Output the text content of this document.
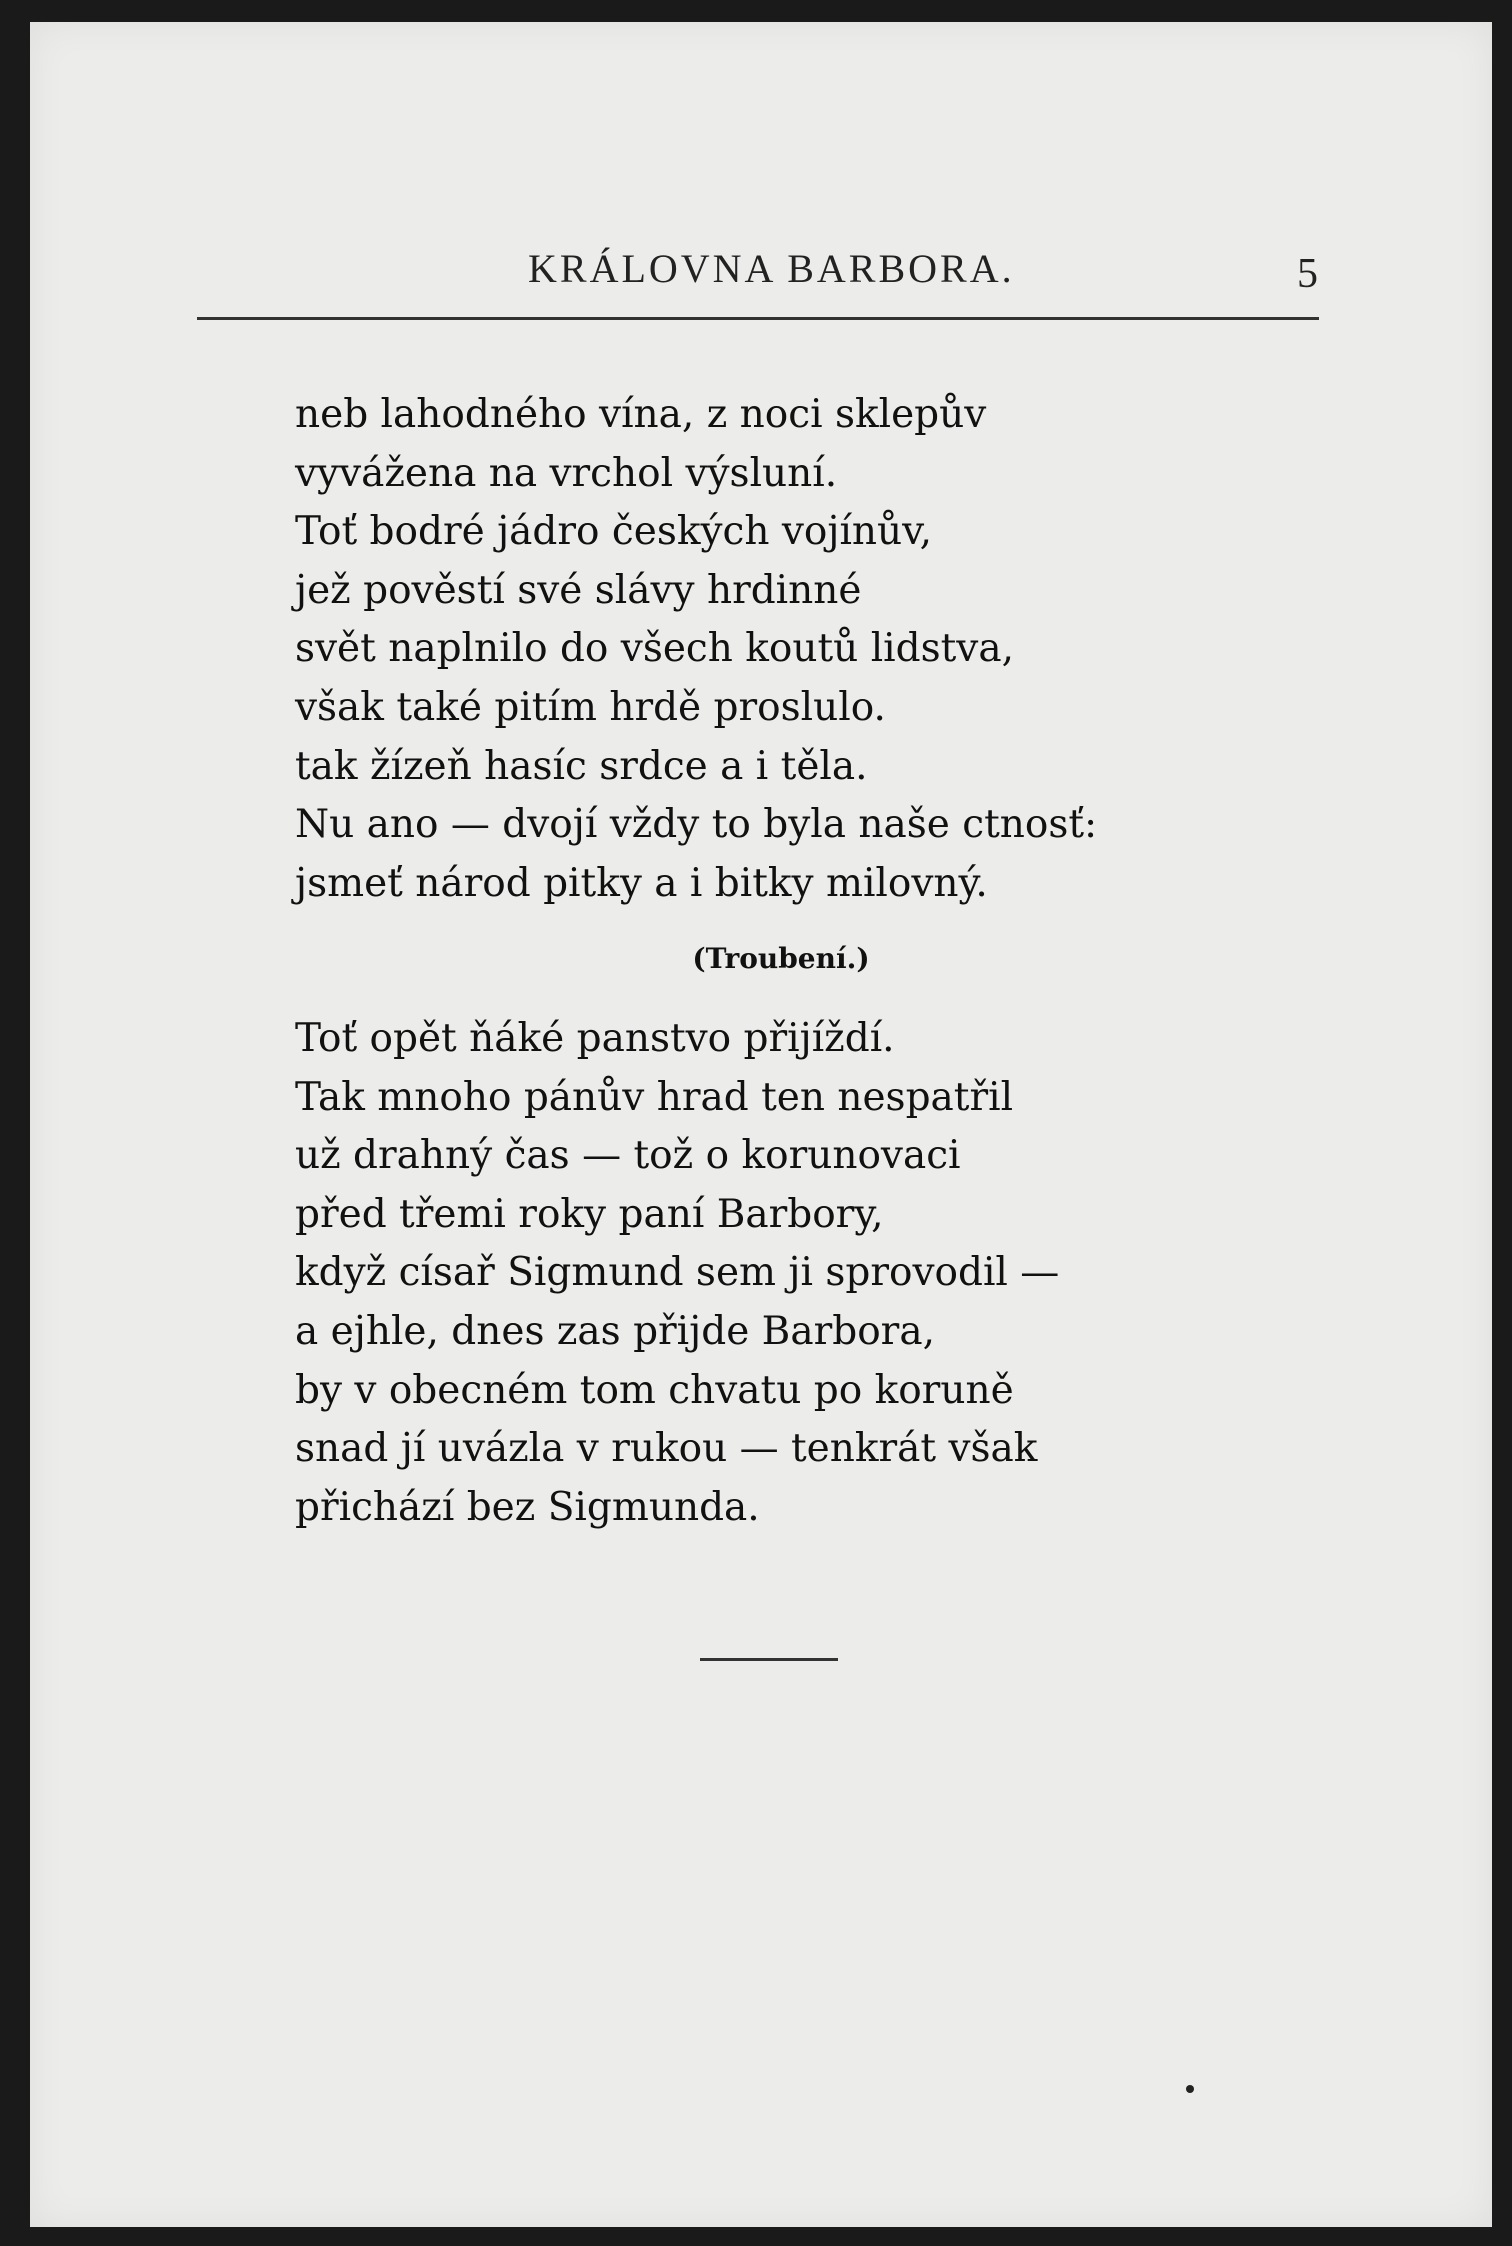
KRÁLOVNA BARBORA.	5
neb lahodného vína, z noci sklepův
vyvážena na vrchol výsluní.
Toť bodré jádro českých vojínův,
jež pověstí své slávy hrdinné
svět naplnilo do všech koutů lidstva,
však také pitím hrdě proslulo.
tak žízeň hasíc srdce a i těla.
Nu ano — dvojí vždy to byla naše ctnosť:
jsmeť národ pitky a i bitky milovný.
(Troubení.)
Toť opět ňáké panstvo přijíždí.
Tak mnoho pánův hrad ten nespatřil
už drahný čas — tož o korunovaci
před třemi roky paní Barbory,
když císař Sigmund sem ji sprovodil —
a ejhle, dnes zas přijde Barbora,
by v obecném tom chvatu po koruně
snad jí uvázla v rukou — tenkrát však
přichází bez Sigmunda.
